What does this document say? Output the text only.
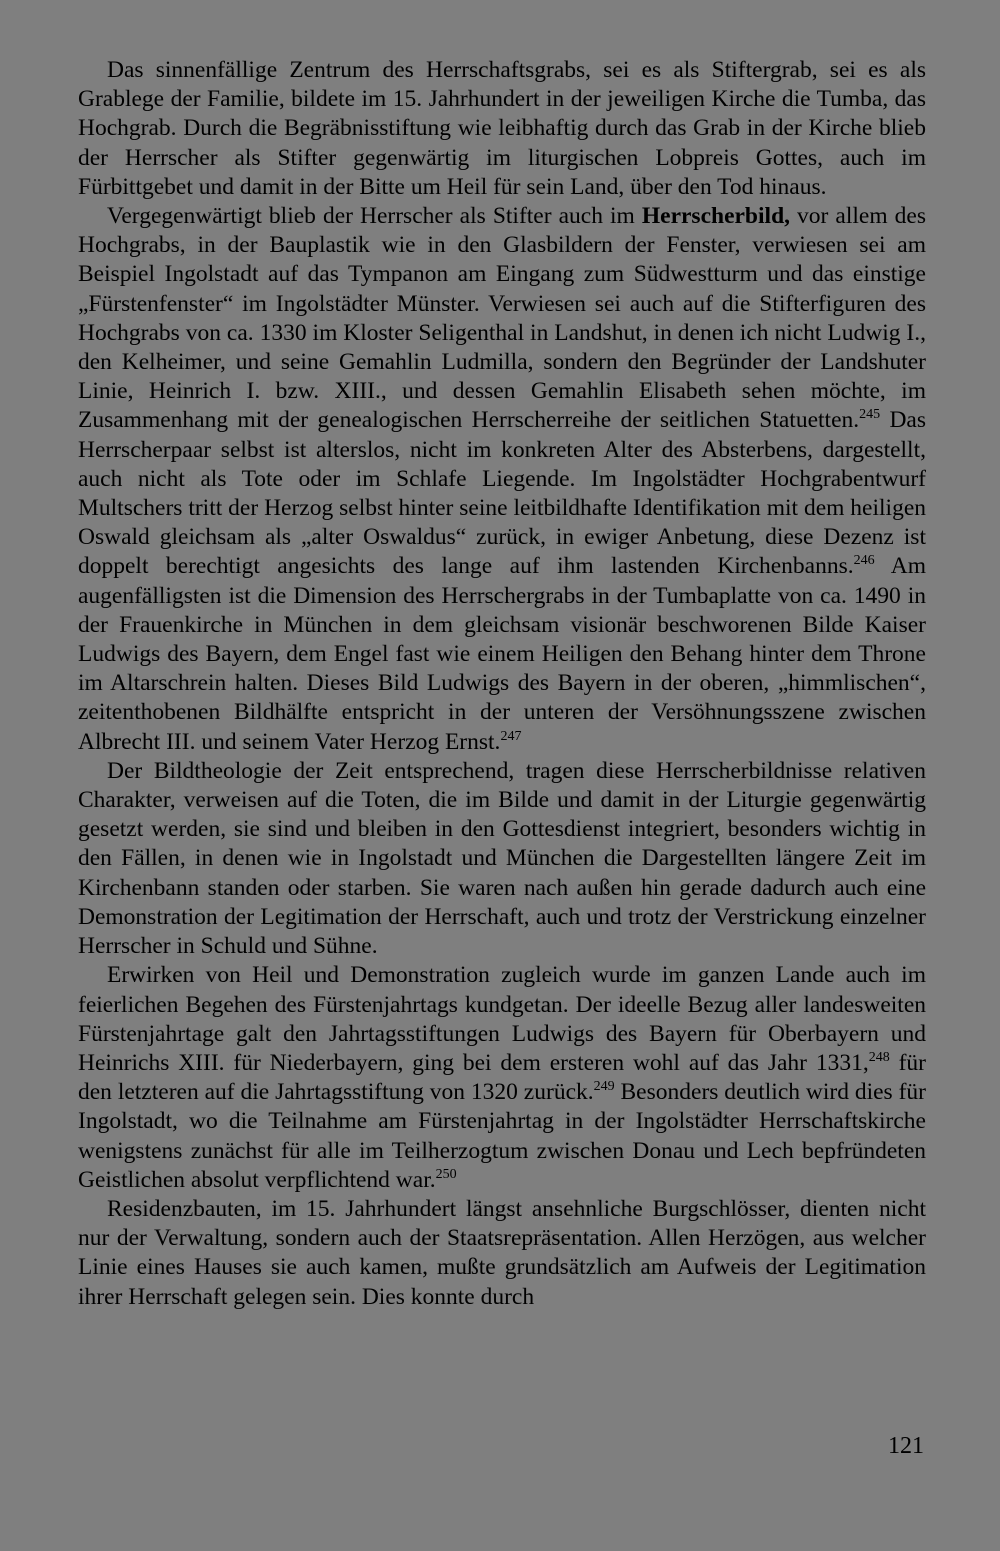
Das sinnenfällige Zentrum des Herrschaftsgrabs, sei es als Stiftergrab, sei es als Grablege der Familie, bildete im 15. Jahrhundert in der jeweiligen Kirche die Tumba, das Hochgrab. Durch die Begräbnisstiftung wie leibhaftig durch das Grab in der Kirche blieb der Herrscher als Stifter gegenwärtig im liturgischen Lobpreis Gottes, auch im Fürbittgebet und damit in der Bitte um Heil für sein Land, über den Tod hinaus.

Vergegenwärtigt blieb der Herrscher als Stifter auch im Herrscherbild, vor allem des Hochgrabs, in der Bauplastik wie in den Glasbildern der Fenster, verwiesen sei am Beispiel Ingolstadt auf das Tympanon am Eingang zum Südwestturm und das einstige „Fürstenfenster“ im Ingolstädter Münster. Verwiesen sei auch auf die Stifterfiguren des Hochgrabs von ca. 1330 im Kloster Seligenthal in Landshut, in denen ich nicht Ludwig I., den Kelheimer, und seine Gemahlin Ludmilla, sondern den Begründer der Landshuter Linie, Heinrich I. bzw. XIII., und dessen Gemahlin Elisabeth sehen möchte, im Zusammenhang mit der genealogischen Herrscherreihe der seitlichen Statuetten.$^{245}$ Das Herrscherpaar selbst ist alterslos, nicht im konkreten Alter des Absterbens, dargestellt, auch nicht als Tote oder im Schlafe Liegende. Im Ingolstädter Hochgrabentwurf Multschers tritt der Herzog selbst hinter seine leitbildhafte Identifikation mit dem heiligen Oswald gleichsam als „alter Oswaldus“ zurück, in ewiger Anbetung, diese Dezenz ist doppelt berechtigt angesichts des lange auf ihm lastenden Kirchenbanns.$^{246}$ Am augenfälligsten ist die Dimension des Herrschergrabs in der Tumbaplatte von ca. 1490 in der Frauenkirche in München in dem gleichsam visionär beschworenen Bilde Kaiser Ludwigs des Bayern, dem Engel fast wie einem Heiligen den Behang hinter dem Throne im Altarschrein halten. Dieses Bild Ludwigs des Bayern in der oberen, „himmlischen“, zeitenthobenen Bildhälfte entspricht in der unteren der Versöhnungsszene zwischen Albrecht III. und seinem Vater Herzog Ernst.$^{247}$

Der Bildtheologie der Zeit entsprechend, tragen diese Herrscherbildnisse relativen Charakter, verweisen auf die Toten, die im Bilde und damit in der Liturgie gegenwärtig gesetzt werden, sie sind und bleiben in den Gottesdienst integriert, besonders wichtig in den Fällen, in denen wie in Ingolstadt und München die Dargestellten längere Zeit im Kirchenbann standen oder starben. Sie waren nach außen hin gerade dadurch auch eine Demonstration der Legitimation der Herrschaft, auch und trotz der Verstrickung einzelner Herrscher in Schuld und Sühne.

Erwirken von Heil und Demonstration zugleich wurde im ganzen Lande auch im feierlichen Begehen des Fürstenjahrtags kundgetan. Der ideelle Bezug aller landesweiten Fürstenjahrtage galt den Jahrtagsstiftungen Ludwigs des Bayern für Oberbayern und Heinrichs XIII. für Niederbayern, ging bei dem ersteren wohl auf das Jahr 1331,$^{248}$ für den letzteren auf die Jahrtagsstiftung von 1320 zurück.$^{249}$ Besonders deutlich wird dies für Ingolstadt, wo die Teilnahme am Fürstenjahrtag in der Ingolstädter Herrschaftskirche wenigstens zunächst für alle im Teilherzogtum zwischen Donau und Lech bepfründeten Geistlichen absolut verpflichtend war.$^{250}$

Residenzbauten, im 15. Jahrhundert längst ansehnliche Burgschlösser, dienten nicht nur der Verwaltung, sondern auch der Staatsrepräsentation. Allen Herzögen, aus welcher Linie eines Hauses sie auch kamen, mußte grundsätzlich am Aufweis der Legitimation ihrer Herrschaft gelegen sein. Dies konnte durch

121
